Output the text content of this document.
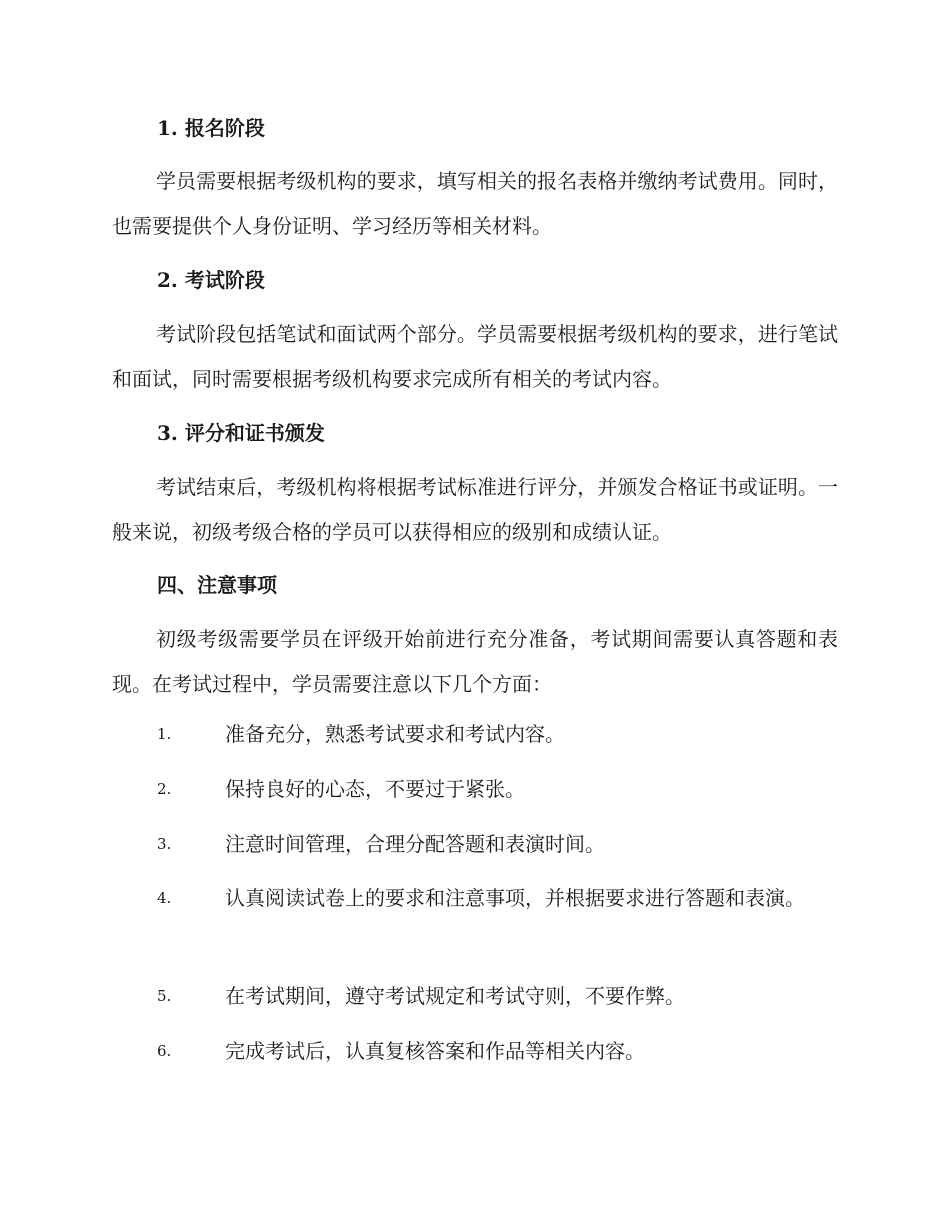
1. 报名阶段
学员需要根据考级机构的要求，填写相关的报名表格并缴纳考试费用。同时，也需要提供个人身份证明、学习经历等相关材料。
2. 考试阶段
考试阶段包括笔试和面试两个部分。学员需要根据考级机构的要求，进行笔试和面试，同时需要根据考级机构要求完成所有相关的考试内容。
3. 评分和证书颁发
考试结束后，考级机构将根据考试标准进行评分，并颁发合格证书或证明。一般来说，初级考级合格的学员可以获得相应的级别和成绩认证。
四、注意事项
初级考级需要学员在评级开始前进行充分准备，考试期间需要认真答题和表现。在考试过程中，学员需要注意以下几个方面：
1.	准备充分，熟悉考试要求和考试内容。
2.	保持良好的心态，不要过于紧张。
3.	注意时间管理，合理分配答题和表演时间。
4.	认真阅读试卷上的要求和注意事项，并根据要求进行答题和表演。
5.	在考试期间，遵守考试规定和考试守则，不要作弊。
6.	完成考试后，认真复核答案和作品等相关内容。
